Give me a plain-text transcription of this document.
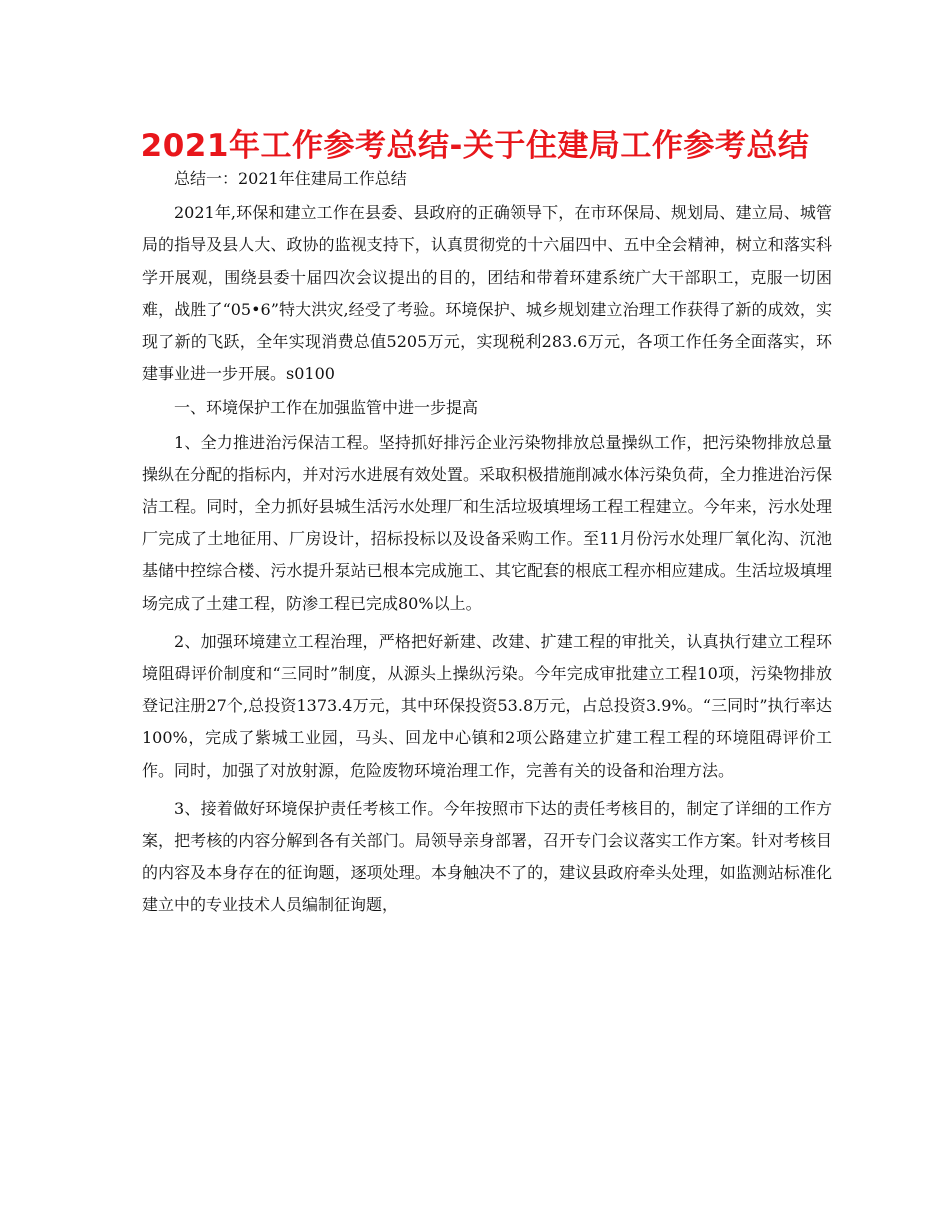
2021年工作参考总结-关于住建局工作参考总结

总结一：2021年住建局工作总结

2021年,环保和建立工作在县委、县政府的正确领导下，在市环保局、规划局、建立局、城管局的指导及县人大、政协的监视支持下，认真贯彻党的十六届四中、五中全会精神，树立和落实科学开展观，围绕县委十届四次会议提出的目的，团结和带着环建系统广大干部职工，克服一切困难，战胜了“05•6”特大洪灾,经受了考验。环境保护、城乡规划建立治理工作获得了新的成效，实现了新的飞跃，全年实现消费总值5205万元，实现税利283.6万元，各项工作任务全面落实，环建事业进一步开展。s0100

一、环境保护工作在加强监管中进一步提高

1、全力推进治污保洁工程。坚持抓好排污企业污染物排放总量操纵工作，把污染物排放总量操纵在分配的指标内，并对污水进展有效处置。采取积极措施削减水体污染负荷，全力推进治污保洁工程。同时，全力抓好县城生活污水处理厂和生活垃圾填埋场工程工程建立。今年来，污水处理厂完成了土地征用、厂房设计，招标投标以及设备采购工作。至11月份污水处理厂氧化沟、沉池基储中控综合楼、污水提升泵站已根本完成施工、其它配套的根底工程亦相应建成。生活垃圾填埋场完成了土建工程，防渗工程已完成80%以上。

2、加强环境建立工程治理，严格把好新建、改建、扩建工程的审批关，认真执行建立工程环境阻碍评价制度和“三同时”制度，从源头上操纵污染。今年完成审批建立工程10项，污染物排放登记注册27个,总投资1373.4万元，其中环保投资53.8万元，占总投资3.9%。“三同时”执行率达100%，完成了紫城工业园，马头、回龙中心镇和2项公路建立扩建工程工程的环境阻碍评价工作。同时，加强了对放射源，危险废物环境治理工作，完善有关的设备和治理方法。

3、接着做好环境保护责任考核工作。今年按照市下达的责任考核目的，制定了详细的工作方案，把考核的内容分解到各有关部门。局领导亲身部署，召开专门会议落实工作方案。针对考核目的内容及本身存在的征询题，逐项处理。本身触决不了的，建议县政府牵头处理，如监测站标准化建立中的专业技术人员编制征询题，
